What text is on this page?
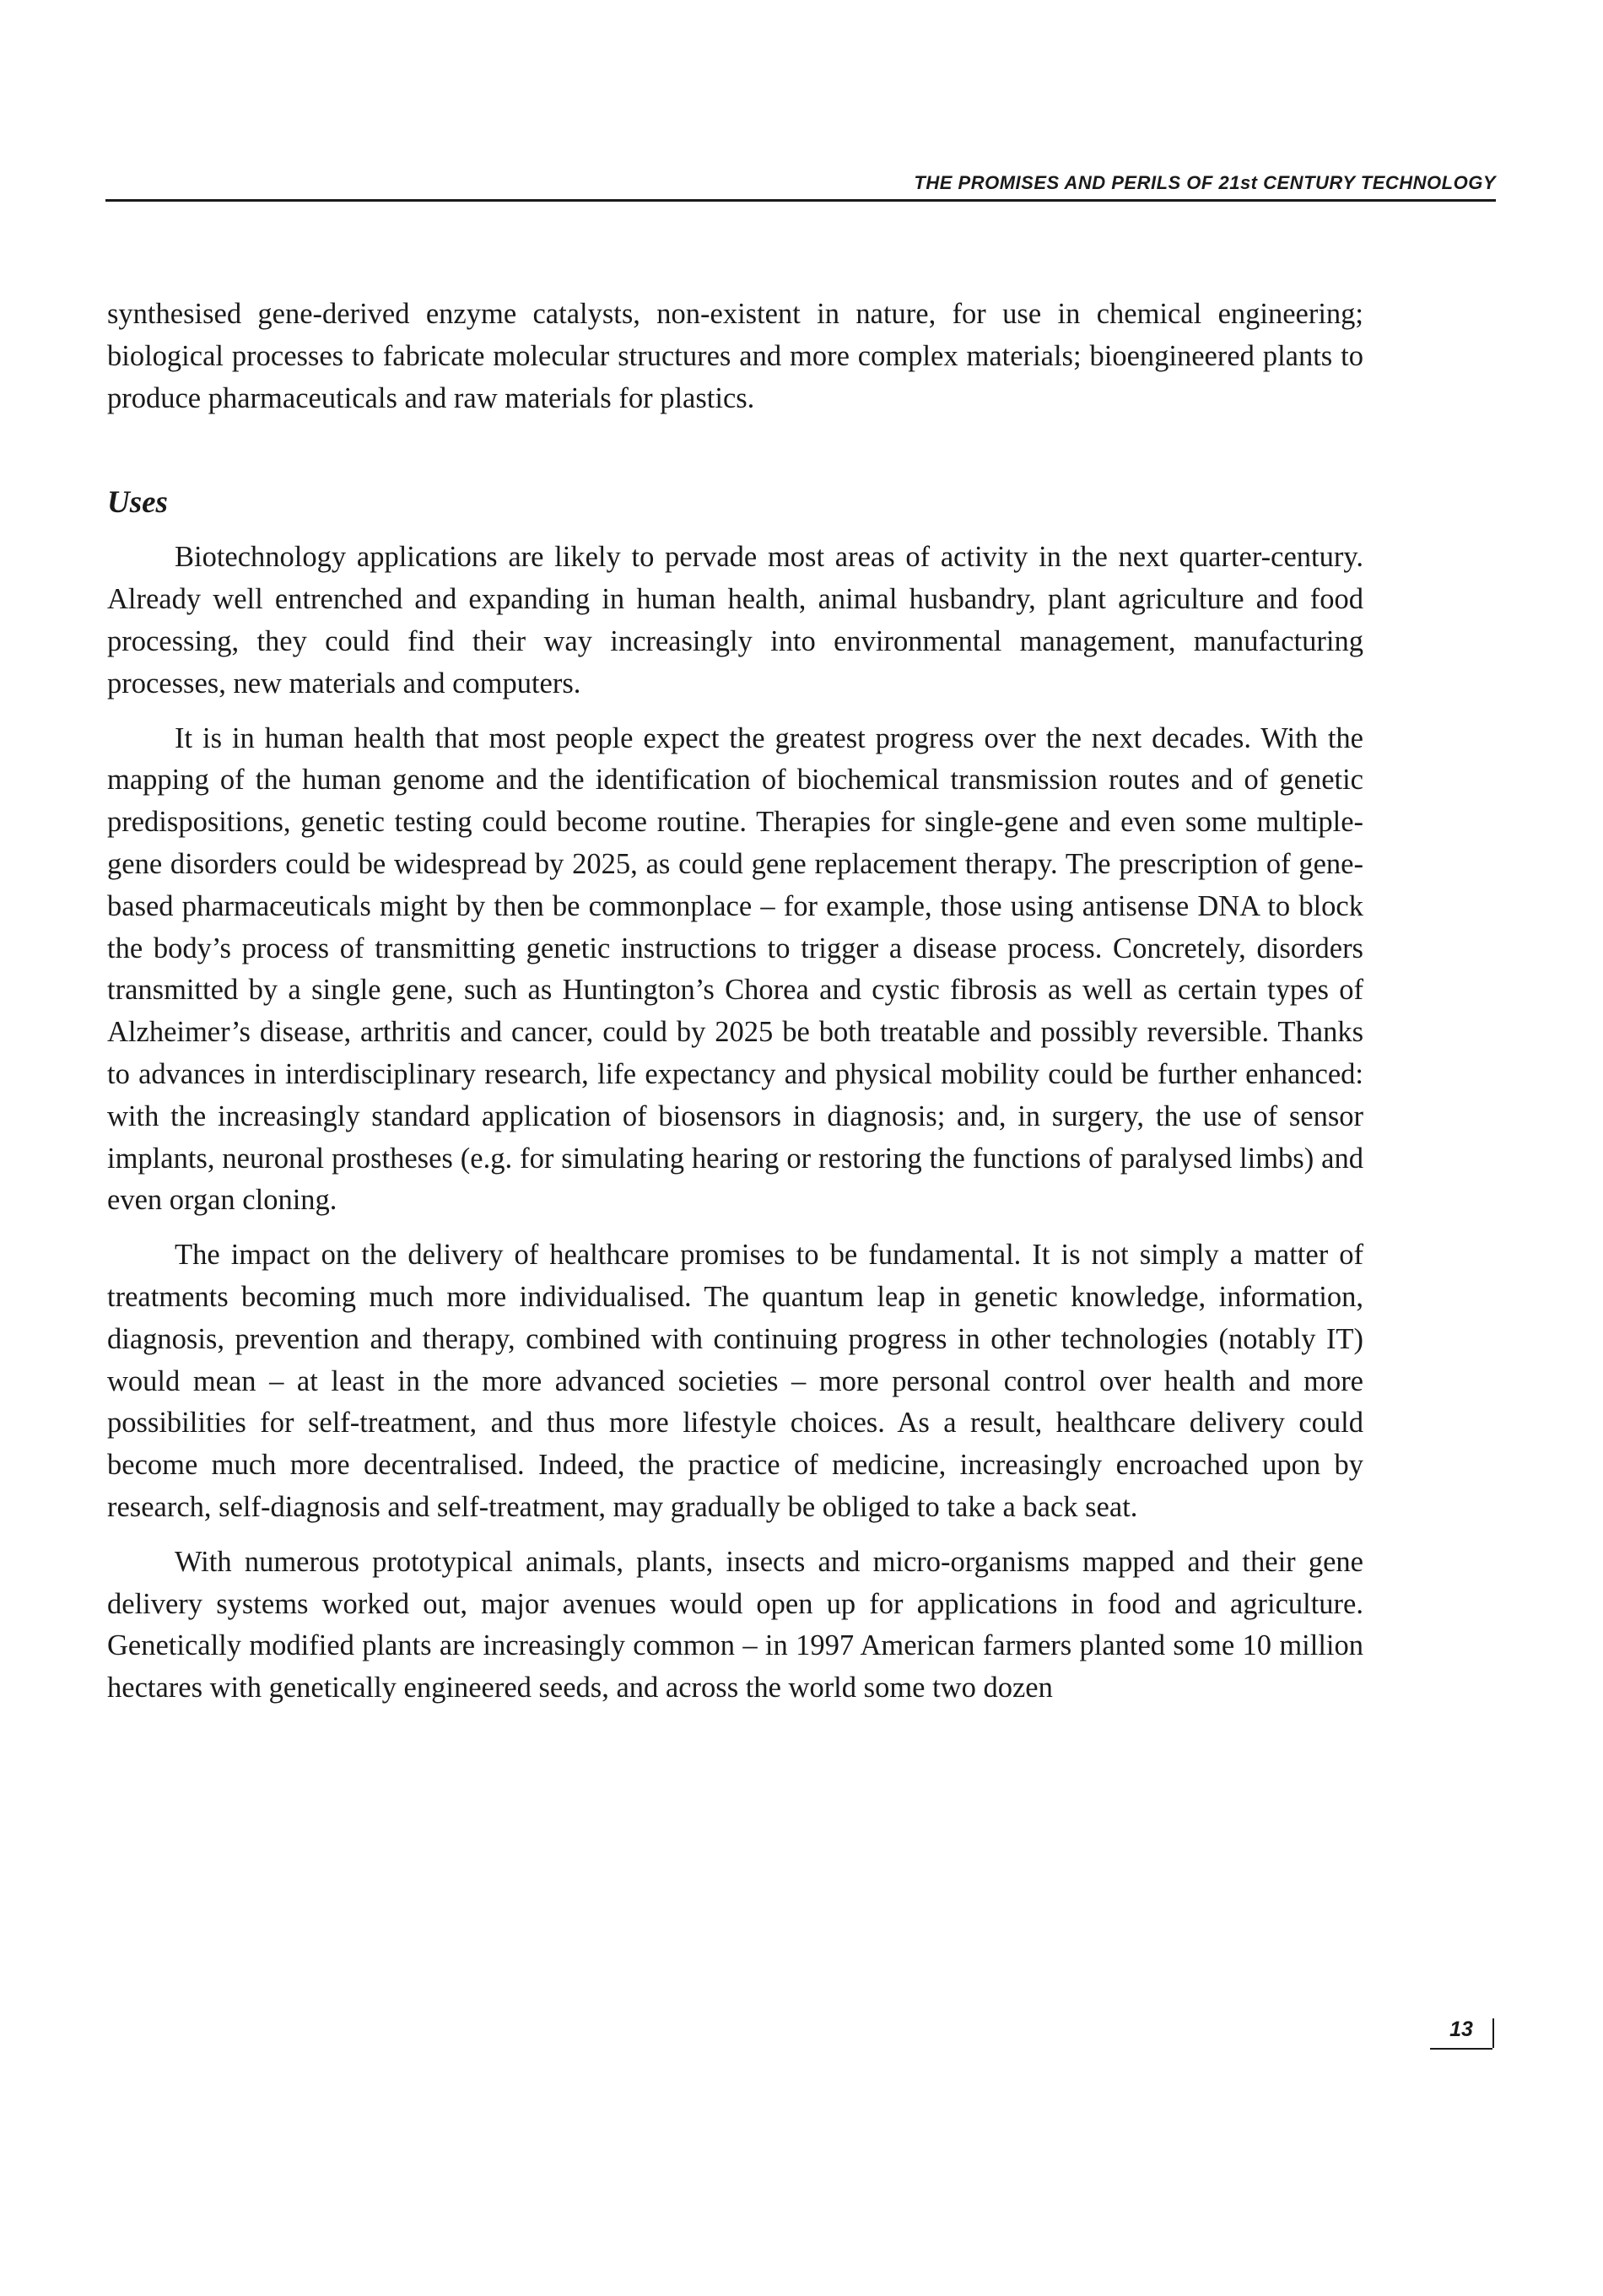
THE PROMISES AND PERILS OF 21st CENTURY TECHNOLOGY

synthesised gene-derived enzyme catalysts, non-existent in nature, for use in chemical engineering; biological processes to fabricate molecular structures and more complex materials; bioengineered plants to produce pharmaceuticals and raw materials for plastics.

Uses

Biotechnology applications are likely to pervade most areas of activity in the next quarter-century. Already well entrenched and expanding in human health, animal husbandry, plant agriculture and food processing, they could find their way increasingly into environmental management, manufacturing processes, new materials and computers.

It is in human health that most people expect the greatest progress over the next decades. With the mapping of the human genome and the identification of biochemical transmission routes and of genetic predispositions, genetic testing could become routine. Therapies for single-gene and even some multiple-gene disorders could be widespread by 2025, as could gene replacement therapy. The prescription of gene-based pharmaceuticals might by then be commonplace – for example, those using antisense DNA to block the body’s process of transmitting genetic instructions to trigger a disease process. Concretely, disorders transmitted by a single gene, such as Huntington’s Chorea and cystic fibrosis as well as certain types of Alzheimer’s disease, arthritis and cancer, could by 2025 be both treatable and possibly reversible. Thanks to advances in interdisciplinary research, life expectancy and physical mobility could be further enhanced: with the increasingly standard application of biosensors in diagnosis; and, in surgery, the use of sensor implants, neuronal prostheses (e.g. for simulating hearing or restoring the functions of paralysed limbs) and even organ cloning.

The impact on the delivery of healthcare promises to be fundamental. It is not simply a matter of treatments becoming much more individualised. The quantum leap in genetic knowledge, information, diagnosis, prevention and therapy, combined with continuing progress in other technologies (notably IT) would mean – at least in the more advanced societies – more personal control over health and more possibilities for self-treatment, and thus more lifestyle choices. As a result, healthcare delivery could become much more decentralised. Indeed, the practice of medicine, increasingly encroached upon by research, self-diagnosis and self-treatment, may gradually be obliged to take a back seat.

With numerous prototypical animals, plants, insects and micro-organisms mapped and their gene delivery systems worked out, major avenues would open up for applications in food and agriculture. Genetically modified plants are increasingly common – in 1997 American farmers planted some 10 million hectares with genetically engineered seeds, and across the world some two dozen

13
